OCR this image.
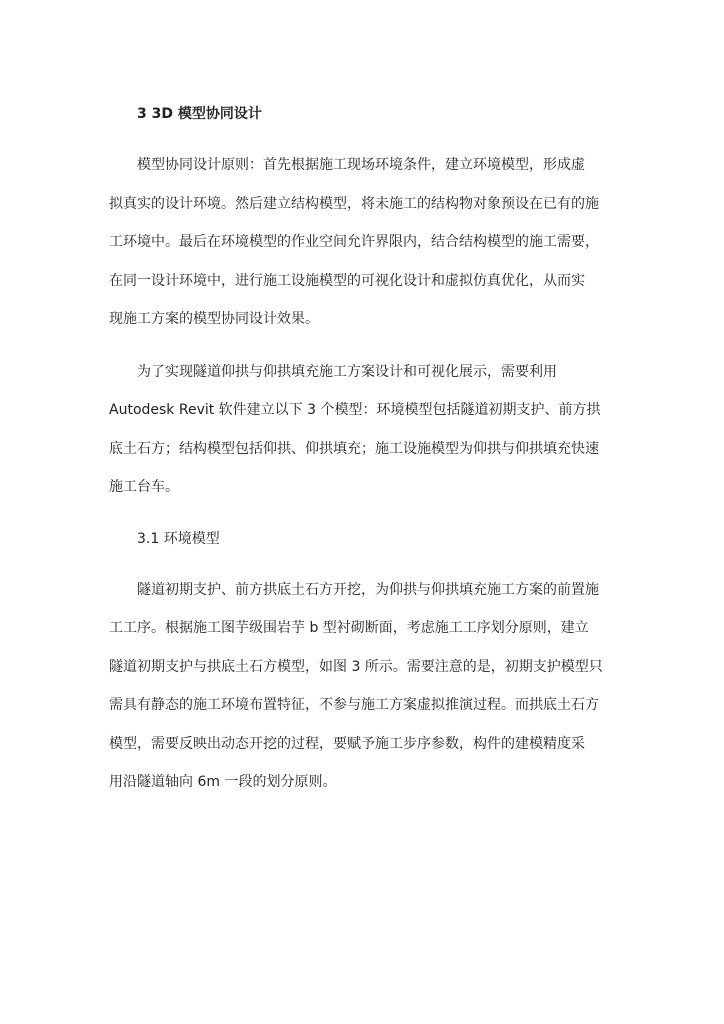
3 3D 模型协同设计
模型协同设计原则：首先根据施工现场环境条件，建立环境模型，形成虚
拟真实的设计环境。然后建立结构模型，将未施工的结构物对象预设在已有的施
工环境中。最后在环境模型的作业空间允许界限内，结合结构模型的施工需要，
在同一设计环境中，进行施工设施模型的可视化设计和虚拟仿真优化，从而实
现施工方案的模型协同设计效果。
为了实现隧道仰拱与仰拱填充施工方案设计和可视化展示，需要利用
Autodesk Revit 软件建立以下 3 个模型：环境模型包括隧道初期支护、前方拱
底土石方；结构模型包括仰拱、仰拱填充；施工设施模型为仰拱与仰拱填充快速
施工台车。
3.1 环境模型
隧道初期支护、前方拱底土石方开挖，为仰拱与仰拱填充施工方案的前置施
工工序。根据施工图芋级围岩芋 b 型衬砌断面，考虑施工工序划分原则，建立
隧道初期支护与拱底土石方模型，如图 3 所示。需要注意的是，初期支护模型只
需具有静态的施工环境布置特征，不参与施工方案虚拟推演过程。而拱底土石方
模型，需要反映出动态开挖的过程，要赋予施工步序参数，构件的建模精度采
用沿隧道轴向 6m 一段的划分原则。
